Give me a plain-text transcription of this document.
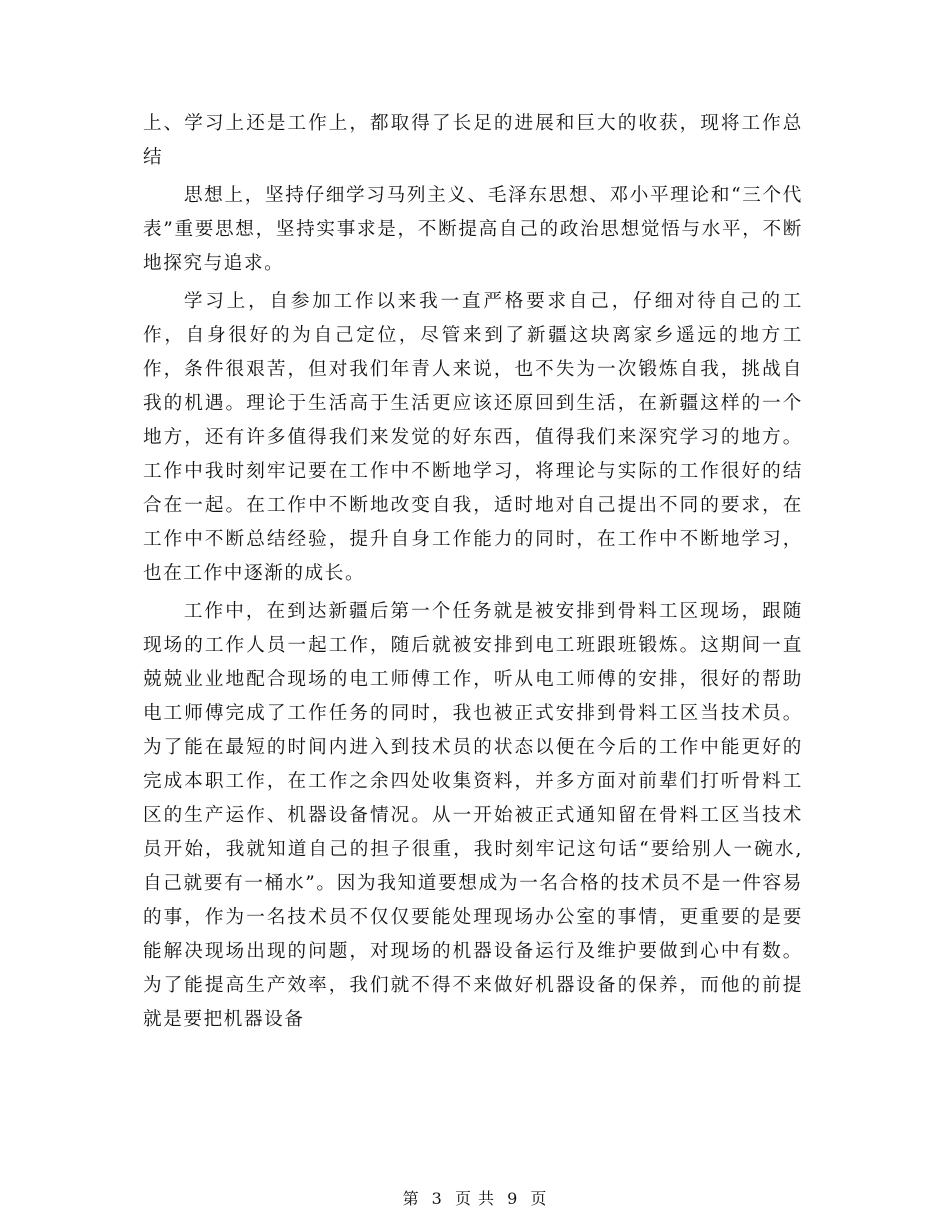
上、学习上还是工作上，都取得了长足的进展和巨大的收获，现将工作总结

思想上，坚持仔细学习马列主义、毛泽东思想、邓小平理论和“三个代表”重要思想，坚持实事求是，不断提高自己的政治思想觉悟与水平，不断地探究与追求。

学习上，自参加工作以来我一直严格要求自己，仔细对待自己的工作，自身很好的为自己定位，尽管来到了新疆这块离家乡遥远的地方工作，条件很艰苦，但对我们年青人来说，也不失为一次锻炼自我，挑战自我的机遇。理论于生活高于生活更应该还原回到生活，在新疆这样的一个地方，还有许多值得我们来发觉的好东西，值得我们来深究学习的地方。工作中我时刻牢记要在工作中不断地学习，将理论与实际的工作很好的结合在一起。在工作中不断地改变自我，适时地对自己提出不同的要求，在工作中不断总结经验，提升自身工作能力的同时，在工作中不断地学习，也在工作中逐渐的成长。

工作中，在到达新疆后第一个任务就是被安排到骨料工区现场，跟随现场的工作人员一起工作，随后就被安排到电工班跟班锻炼。这期间一直兢兢业业地配合现场的电工师傅工作，听从电工师傅的安排，很好的帮助电工师傅完成了工作任务的同时，我也被正式安排到骨料工区当技术员。为了能在最短的时间内进入到技术员的状态以便在今后的工作中能更好的完成本职工作，在工作之余四处收集资料，并多方面对前辈们打听骨料工区的生产运作、机器设备情况。从一开始被正式通知留在骨料工区当技术员开始，我就知道自己的担子很重，我时刻牢记这句话“要给别人一碗水,自己就要有一桶水”。因为我知道要想成为一名合格的技术员不是一件容易的事，作为一名技术员不仅仅要能处理现场办公室的事情，更重要的是要能解决现场出现的问题，对现场的机器设备运行及维护要做到心中有数。为了能提高生产效率，我们就不得不来做好机器设备的保养，而他的前提就是要把机器设备

第 3 页 共 9 页
